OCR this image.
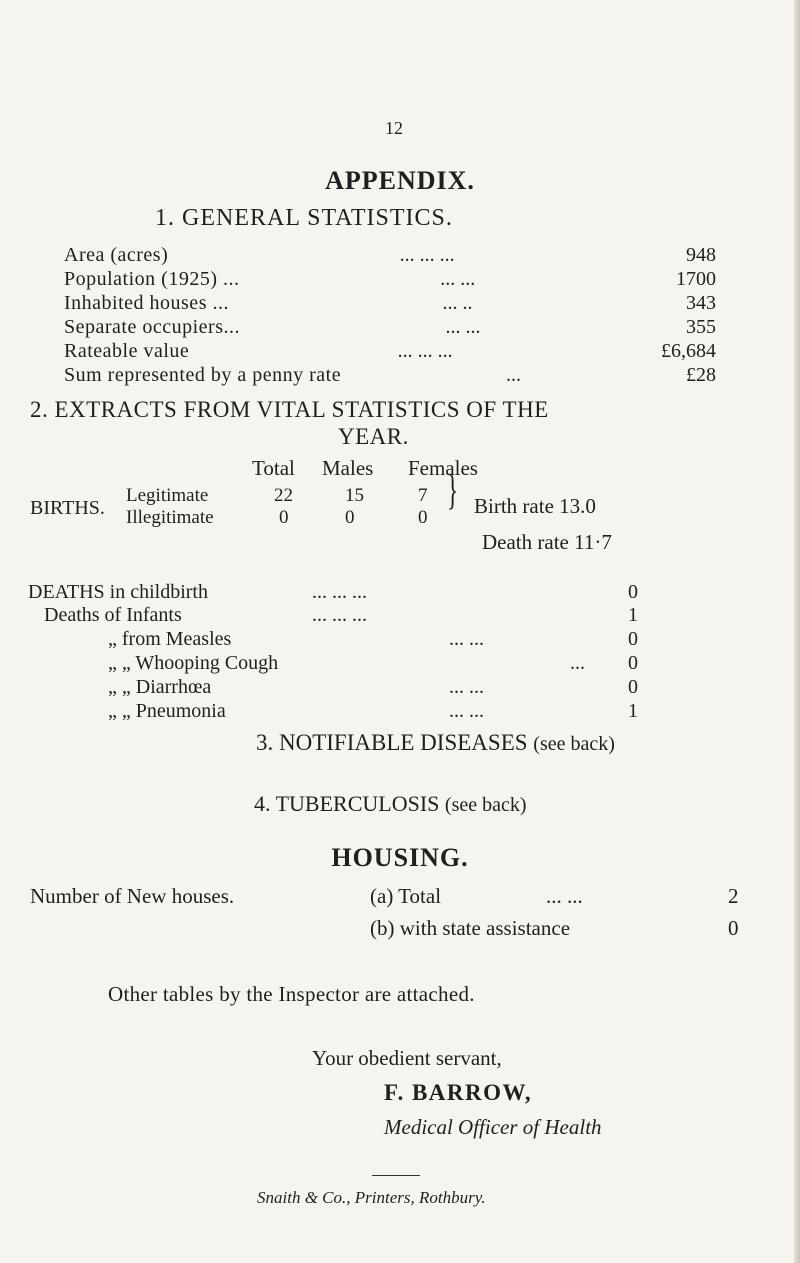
12
APPENDIX.
1. GENERAL STATISTICS.
Area (acres)	... ... ...	948
Population (1925) ...	... ...	1700
Inhabited houses ...	... ..	343
Separate occupiers...	... ...	355
Rateable value	... ... ...	£6,684
Sum represented by a penny rate	...	£28
2. EXTRACTS FROM VITAL STATISTICS OF THE
YEAR.
Total Males Females
BIRTHS.
Legitimate	22	15	7
Illegitimate	0	0	0
} Birth rate 13.0
Death rate 11·7
DEATHS in childbirth	... ... ...	0
Deaths of Infants	... ... ...	1
„ from Measles	... ...	0
„ „ Whooping Cough	... 0
„ „ Diarrhœa	... ...	0
„ „ Pneumonia	... ...	1
3. NOTIFIABLE DISEASES (see back)
4. TUBERCULOSIS (see back)
HOUSING.
Number of New houses.	(a) Total	... ...	2
(b) with state assistance	0
Other tables by the Inspector are attached.
Your obedient servant,
F. BARROW,
Medical Officer of Health
Snaith & Co., Printers, Rothbury.
